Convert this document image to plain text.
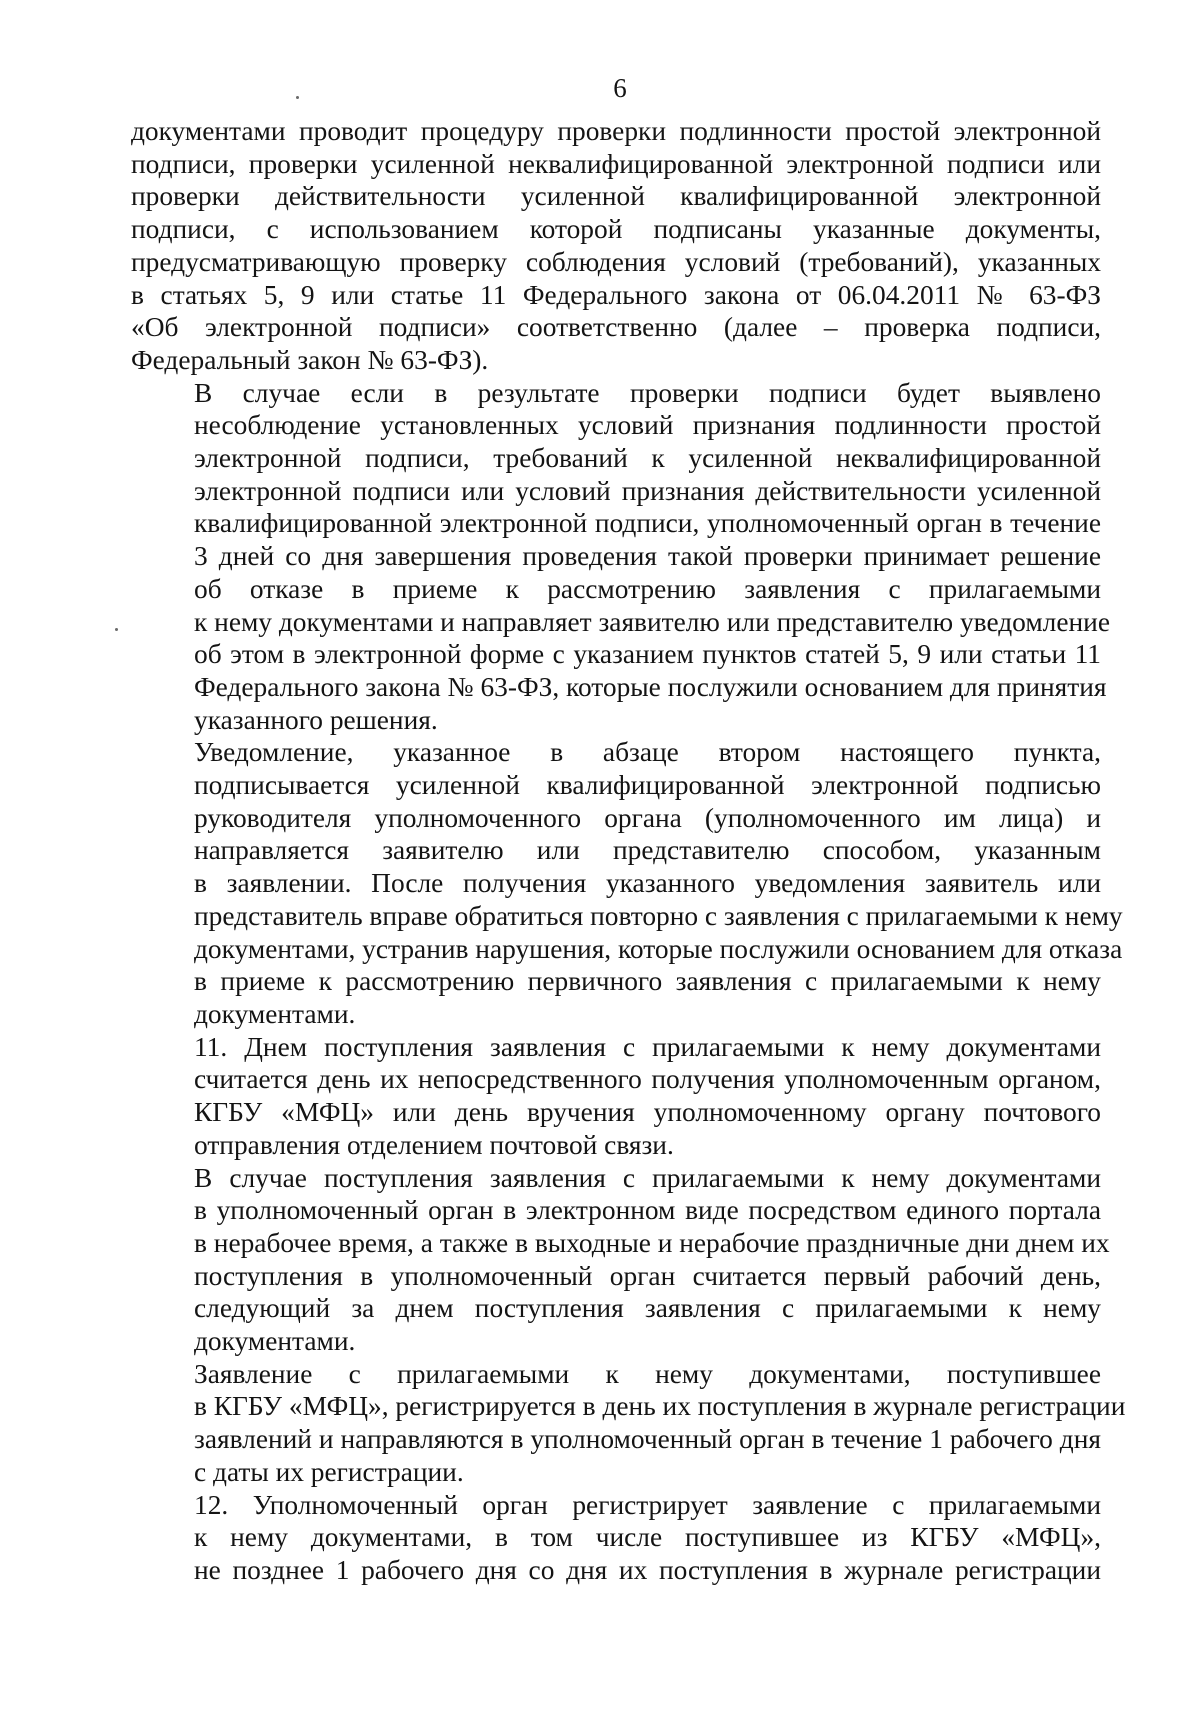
6

документами проводит процедуру проверки подлинности простой электронной
подписи, проверки усиленной неквалифицированной электронной подписи или
проверки действительности усиленной квалифицированной электронной
подписи, с использованием которой подписаны указанные документы,
предусматривающую проверку соблюдения условий (требований), указанных
в статьях 5, 9 или статье 11 Федерального закона от 06.04.2011 № 63-ФЗ
«Об электронной подписи» соответственно (далее – проверка подписи,
Федеральный закон № 63-ФЗ).

В случае если в результате проверки подписи будет выявлено
несоблюдение установленных условий признания подлинности простой
электронной подписи, требований к усиленной неквалифицированной
электронной подписи или условий признания действительности усиленной
квалифицированной электронной подписи, уполномоченный орган в течение
3 дней со дня завершения проведения такой проверки принимает решение
об отказе в приеме к рассмотрению заявления с прилагаемыми
к нему документами и направляет заявителю или представителю уведомление
об этом в электронной форме с указанием пунктов статей 5, 9 или статьи 11
Федерального закона № 63-ФЗ, которые послужили основанием для принятия
указанного решения.

Уведомление, указанное в абзаце втором настоящего пункта,
подписывается усиленной квалифицированной электронной подписью
руководителя уполномоченного органа (уполномоченного им лица) и
направляется заявителю или представителю способом, указанным
в заявлении. После получения указанного уведомления заявитель или
представитель вправе обратиться повторно с заявления с прилагаемыми к нему
документами, устранив нарушения, которые послужили основанием для отказа
в приеме к рассмотрению первичного заявления с прилагаемыми к нему
документами.

11. Днем поступления заявления с прилагаемыми к нему документами
считается день их непосредственного получения уполномоченным органом,
КГБУ «МФЦ» или день вручения уполномоченному органу почтового
отправления отделением почтовой связи.

В случае поступления заявления с прилагаемыми к нему документами
в уполномоченный орган в электронном виде посредством единого портала
в нерабочее время, а также в выходные и нерабочие праздничные дни днем их
поступления в уполномоченный орган считается первый рабочий день,
следующий за днем поступления заявления с прилагаемыми к нему
документами.

Заявление с прилагаемыми к нему документами, поступившее
в КГБУ «МФЦ», регистрируется в день их поступления в журнале регистрации
заявлений и направляются в уполномоченный орган в течение 1 рабочего дня
с даты их регистрации.

12. Уполномоченный орган регистрирует заявление с прилагаемыми
к нему документами, в том числе поступившее из КГБУ «МФЦ»,
не позднее 1 рабочего дня со дня их поступления в журнале регистрации
